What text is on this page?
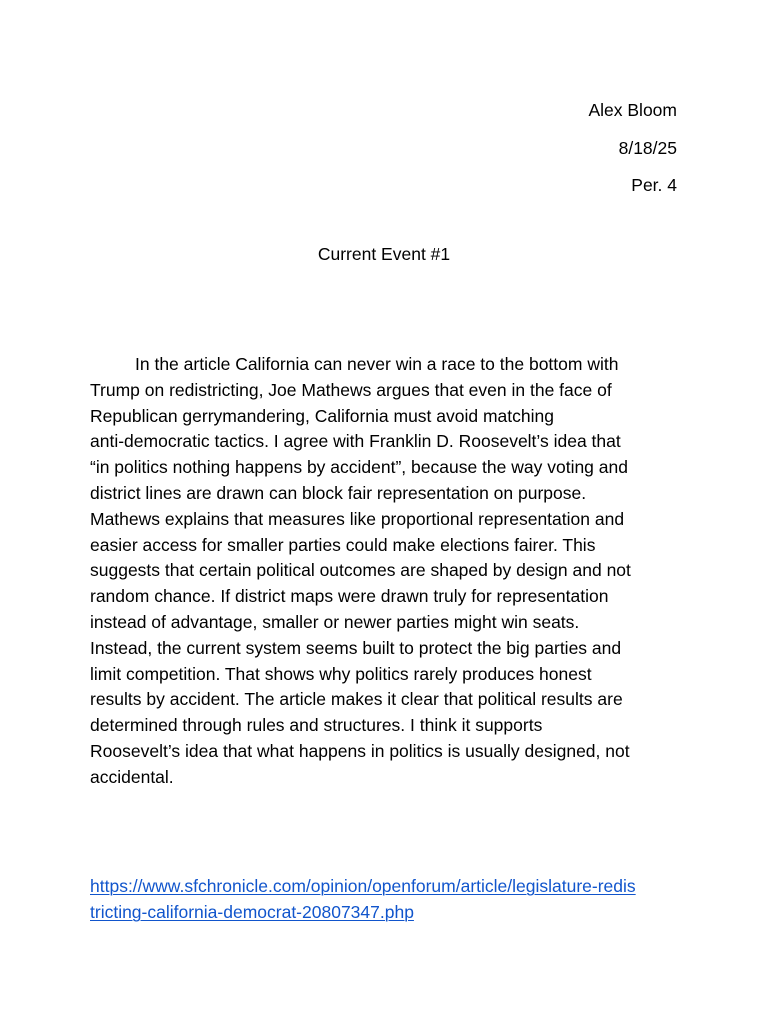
Alex Bloom
8/18/25
Per. 4
Current Event #1

In the article California can never win a race to the bottom with
Trump on redistricting, Joe Mathews argues that even in the face of
Republican gerrymandering, California must avoid matching
anti-democratic tactics. I agree with Franklin D. Roosevelt’s idea that
“in politics nothing happens by accident”, because the way voting and
district lines are drawn can block fair representation on purpose.
Mathews explains that measures like proportional representation and
easier access for smaller parties could make elections fairer. This
suggests that certain political outcomes are shaped by design and not
random chance. If district maps were drawn truly for representation
instead of advantage, smaller or newer parties might win seats.
Instead, the current system seems built to protect the big parties and
limit competition. That shows why politics rarely produces honest
results by accident. The article makes it clear that political results are
determined through rules and structures. I think it supports
Roosevelt’s idea that what happens in politics is usually designed, not
accidental.

https://www.sfchronicle.com/opinion/openforum/article/legislature-redis
tricting-california-democrat-20807347.php
